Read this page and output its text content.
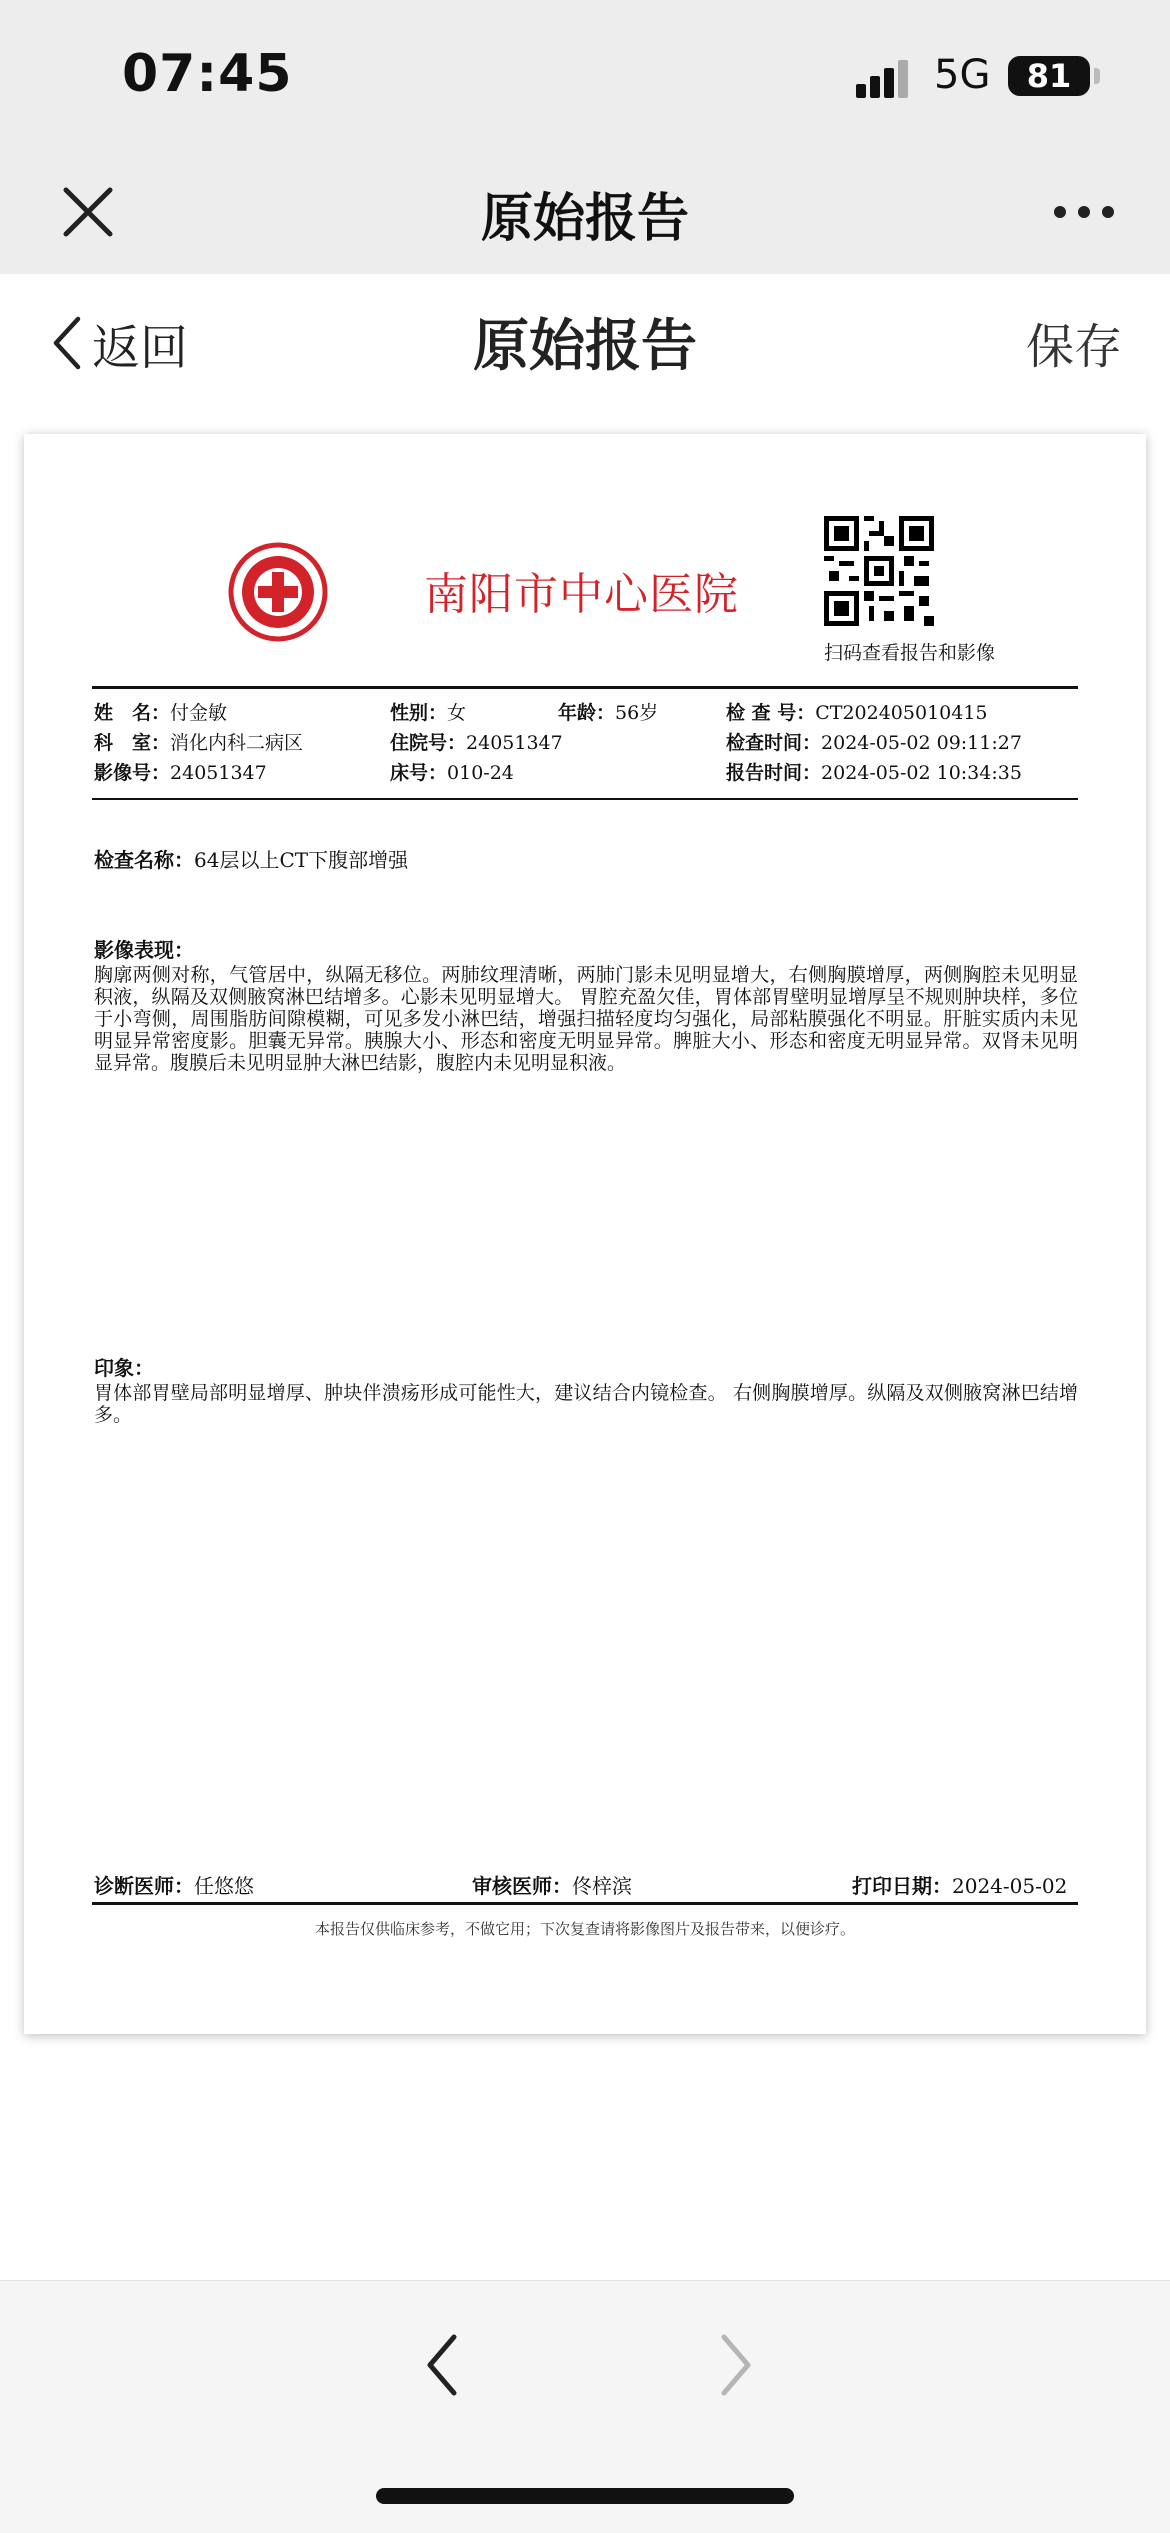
07:45	5G	81
原始报告
返回	原始报告	保存
南阳市中心医院
扫码查看报告和影像
姓　名：付金敏	性别：女	年龄：56岁	检 查 号：CT202405010415
科　室：消化内科二病区	住院号：24051347	检查时间：2024-05-02 09:11:27
影像号：24051347	床号：010-24	报告时间：2024-05-02 10:34:35
检查名称：64层以上CT下腹部增强
影像表现：
胸廓两侧对称，气管居中，纵隔无移位。两肺纹理清晰，两肺门影未见明显增大，右侧胸膜增厚，两侧胸腔未见明显积液，纵隔及双侧腋窝淋巴结增多。心影未见明显增大。 胃腔充盈欠佳，胃体部胃壁明显增厚呈不规则肿块样，多位于小弯侧，周围脂肪间隙模糊，可见多发小淋巴结，增强扫描轻度均匀强化，局部粘膜强化不明显。肝脏实质内未见明显异常密度影。胆囊无异常。胰腺大小、形态和密度无明显异常。脾脏大小、形态和密度无明显异常。双肾未见明显异常。腹膜后未见明显肿大淋巴结影，腹腔内未见明显积液。
印象：
胃体部胃壁局部明显增厚、肿块伴溃疡形成可能性大，建议结合内镜检查。 右侧胸膜增厚。纵隔及双侧腋窝淋巴结增多。
诊断医师：任悠悠	审核医师：佟梓滨	打印日期：2024-05-02
本报告仅供临床参考，不做它用；下次复查请将影像图片及报告带来，以便诊疗。
